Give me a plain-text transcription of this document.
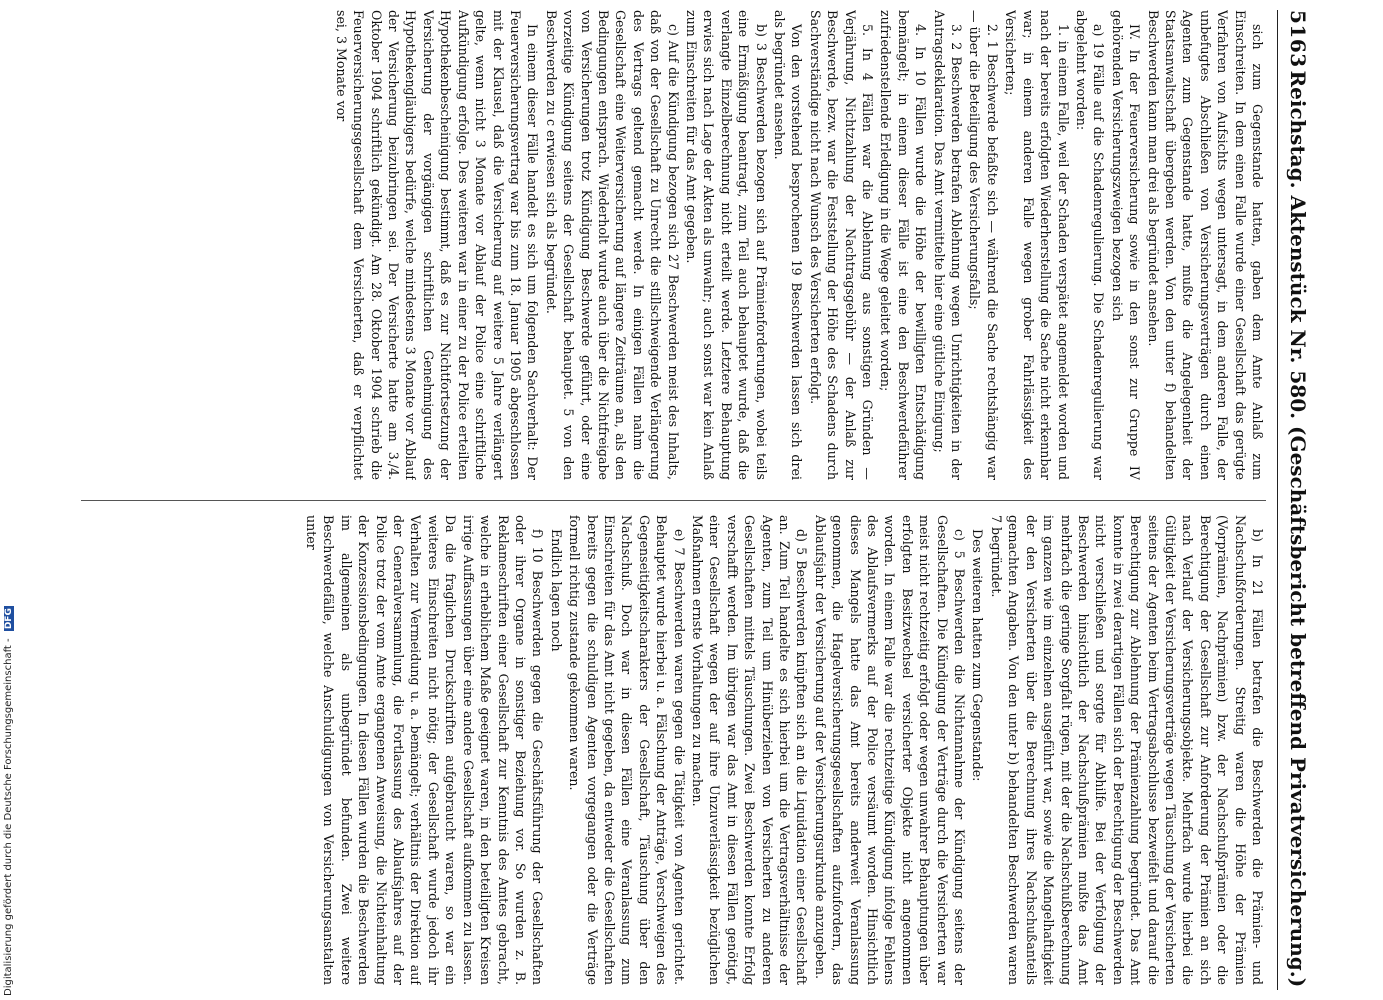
5163
Reichstag. Aktenstück Nr. 580. (Geschäftsbericht betreffend Privatversicherung.)

sich zum Gegenstande hatten, gaben dem Amte Anlaß zum Einschreiten. In dem einen Falle wurde einer Gesellschaft das gerügte Verfahren von Aufsichts wegen untersagt, in dem anderen Falle, der unbefugtes Abschließen von Versicherungsverträgen durch einen Agenten zum Gegenstande hatte, mußte die Angelegenheit der Staatsanwaltschaft übergeben werden. Von den unter f) behandelten Beschwerden kann man drei als begründet ansehen.

IV. In der Feuerversicherung sowie in den sonst zur Gruppe IV gehörenden Versicherungszweigen bezogen sich

a) 19 Fälle auf die Schadenregulierung. Die Schadenregulierung war abgelehnt worden:

1. in einem Falle, weil der Schaden verspätet angemeldet worden und nach der bereits erfolgten Wiederherstellung die Sache nicht erkennbar war; in einem anderen Falle wegen grober Fahrlässigkeit des Versicherten;

2. 1 Beschwerde befaßte sich — während die Sache rechtshängig war — über die Beteiligung des Versicherungsfalls;

3. 2 Beschwerden betrafen Ablehnung wegen Unrichtigkeiten in der Antragsdeklaration. Das Amt vermittelte hier eine gütliche Einigung;

4. In 10 Fällen wurde die Höhe der bewilligten Entschädigung bemängelt; in einem dieser Fälle ist eine den Beschwerdeführer zufriedenstellende Erledigung in die Wege geleitet worden;

5. In 4 Fällen war die Ablehnung aus sonstigen Gründen — Verjährung, Nichtzahlung der Nachtragsgebühr — der Anlaß zur Beschwerde, bezw. war die Feststellung der Höhe des Schadens durch Sachverständige nicht nach Wunsch des Versicherten erfolgt.

Von den vorstehend besprochenen 19 Beschwerden lassen sich drei als begründet ansehen.

b) 3 Beschwerden bezogen sich auf Prämienforderungen, wobei teils eine Ermäßigung beantragt, zum Teil auch behauptet wurde, daß die verlangte Einzelberechnung nicht erteilt werde. Letztere Behauptung erwies sich nach Lage der Akten als unwahr; auch sonst war kein Anlaß zum Einschreiten für das Amt gegeben.

c) Auf die Kündigung bezogen sich 27 Beschwerden meist des Inhalts, daß von der Gesellschaft zu Unrecht die stillschweigende Verlängerung des Vertrags geltend gemacht werde. In einigen Fällen nahm die Gesellschaft eine Weiterversicherung auf längere Zeiträume an, als den Bedingungen entsprach. Wiederholt wurde auch über die Nichtfreigabe von Versicherungen trotz Kündigung Beschwerde geführt, oder eine vorzeitige Kündigung seitens der Gesellschaft behauptet. 5 von den Beschwerden zu c erwiesen sich als begründet.

In einem dieser Fälle handelt es sich um folgenden Sachverhalt: Der Feuerversicherungsvertrag war bis zum 18. Januar 1905 abgeschlossen mit der Klausel, daß die Versicherung auf weitere 5 Jahre verlängert gelte, wenn nicht 3 Monate vor Ablauf der Police eine schriftliche Aufkündigung erfolge. Des weiteren war in einer zu der Police erteilten Hypothekenbescheinigung bestimmt, daß es zur Nichtfortsetzung der Versicherung der vorgängigen schriftlichen Genehmigung des Hypothekengläubigers bedürfe, welche mindestens 3 Monate vor Ablauf der Versicherung beizubringen sei. Der Versicherte hatte am 3./4. Oktober 1904 schriftlich gekündigt. Am 28. Oktober 1904 schrieb die Feuerversicherungsgesellschaft dem Versicherten, daß er verpflichtet sei, 3 Monate vor

b) In 21 Fällen betrafen die Beschwerden die Prämien- und Nachschußforderungen. Streitig waren die Höhe der Prämien (Vorprämien, Nachprämien) bzw. der Nachschußprämien oder die Berechtigung der Gesellschaft zur Anforderung der Prämien an sich nach Verlauf der Versicherungsobjekte. Mehrfach wurde hierbei die Gültigkeit der Versicherungsverträge wegen Täuschung der Versicherten seitens der Agenten beim Vertragsabschlusse bezweifelt und darauf die Berechtigung zur Ablehnung der Prämienzahlung begründet. Das Amt konnte in zwei derartigen Fällen sich der Berechtigung der Beschwerden nicht verschließen und sorgte für Abhilfe. Bei der Verfolgung der Beschwerden hinsichtlich der Nachschußprämien mußte das Amt mehrfach die geringe Sorgfalt rügen, mit der die Nachschußberechnung im ganzen wie im einzelnen ausgeführt war, sowie die Mangelhaftigkeit der den Versicherten über die Berechnung ihres Nachschußanteils gemachten Angaben. Von den unter b) behandelten Beschwerden waren 7 begründet.

Des weiteren hatten zum Gegenstande:

c) 5 Beschwerden die Nichtannahme der Kündigung seitens der Gesellschaften. Die Kündigung der Verträge durch die Versicherten war meist nicht rechtzeitig erfolgt oder wegen unwahrer Behauptungen über erfolgten Besitzwechsel versicherter Objekte nicht angenommen worden. In einem Falle war die rechtzeitige Kündigung infolge Fehlens des Ablaufsvermerks auf der Police versäumt worden. Hinsichtlich dieses Mangels hatte das Amt bereits anderweit Veranlassung genommen, die Hagelversicherungsgesellschaften aufzufordern, das Ablaufsjahr der Versicherung auf der Versicherungsurkunde anzugeben.

d) 5 Beschwerden knüpften sich an die Liquidation einer Gesellschaft an. Zum Teil handelte es sich hierbei um die Vertragsverhältnisse der Agenten, zum Teil um Hinüberziehen von Versicherten zu anderen Gesellschaften mittels Täuschungen. Zwei Beschwerden konnte Erfolg verschafft werden. Im übrigen war das Amt in diesen Fällen genötigt, einer Gesellschaft wegen der auf ihre Unzuverlässigkeit bezüglichen Maßnahmen ernste Vorhaltungen zu machen.

e) 7 Beschwerden waren gegen die Tätigkeit von Agenten gerichtet. Behauptet wurde hierbei u. a. Fälschung der Anträge, Verschweigen des Gegenseitigkeitscharakters der Gesellschaft, Täuschung über den Nachschuß. Doch war in diesen Fällen eine Veranlassung zum Einschreiten für das Amt nicht gegeben, da entweder die Gesellschaften bereits gegen die schuldigen Agenten vorgegangen oder die Verträge formell richtig zustande gekommen waren.

Endlich lagen noch

f) 10 Beschwerden gegen die Geschäftsführung der Gesellschaften oder ihrer Organe in sonstiger Beziehung vor. So wurden z. B. Reklameschriften einer Gesellschaft zur Kenntnis des Amtes gebracht, welche in erheblichem Maße geeignet waren, in den beteiligten Kreisen irrige Auffassungen über eine andere Gesellschaft aufkommen zu lassen. Da die fraglichen Druckschriften aufgebraucht waren, so war ein weiteres Einschreiten nicht nötig; der Gesellschaft wurde jedoch ihr Verhalten zur Vermeidung u. a. bemängelt; verhältnis der Direktion auf der Generalversammlung, die Fortlassung des Ablaufsjahres auf der Police trotz der vom Amte ergangenen Anweisung, die Nichteinhaltung der Konzessionsbedingungen. In diesen Fällen wurden die Beschwerden im allgemeinen als unbegründet befunden. Zwei weitere Beschwerdefälle, welche Anschuldigungen von Versicherungsanstalten unter

Digitalisierung gefördert durch die Deutsche Forschungsgemeinschaft - DFG
